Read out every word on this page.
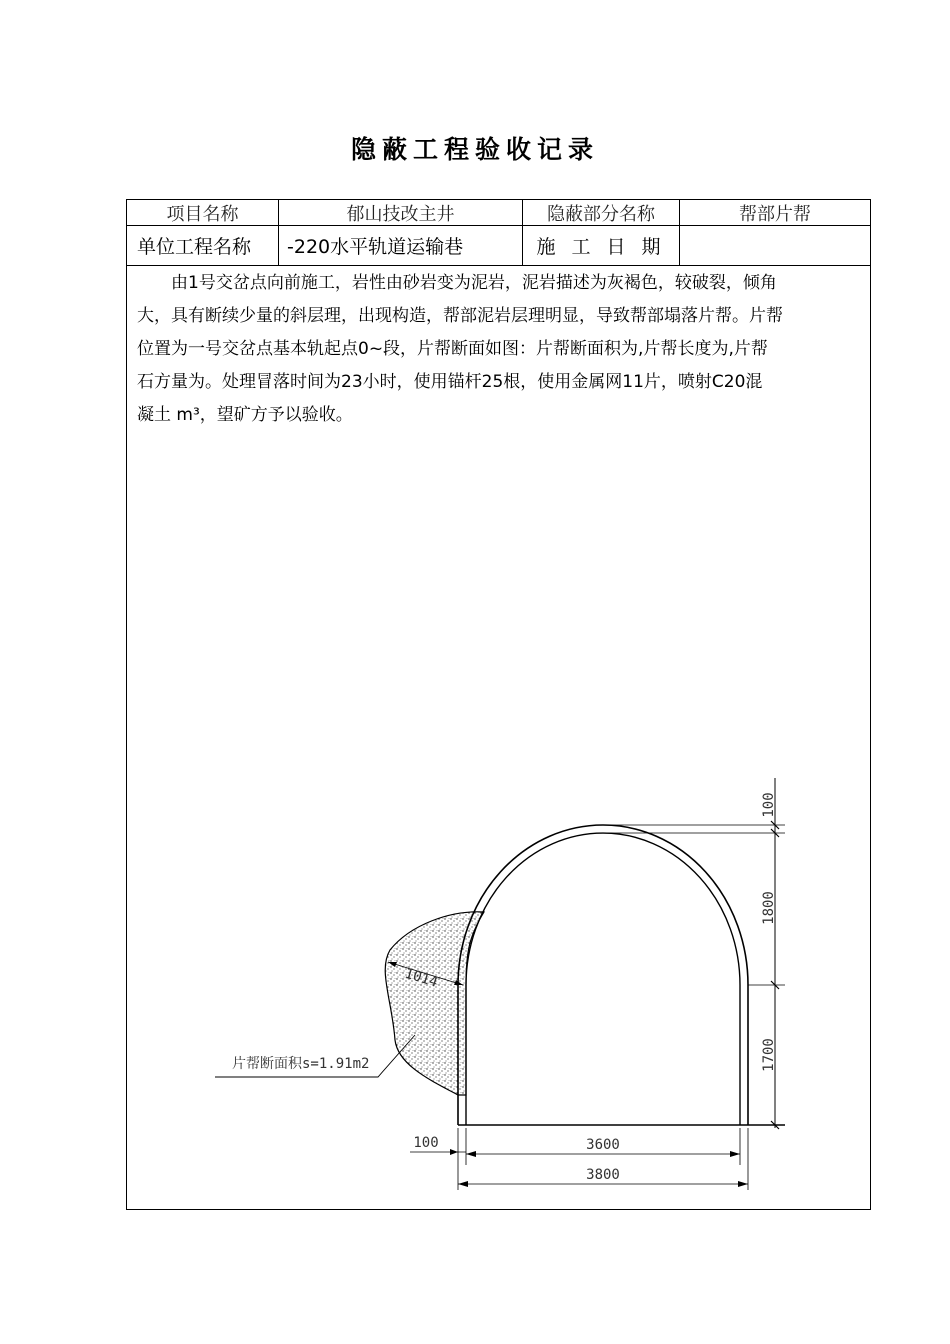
隐蔽工程验收记录
项目名称	郁山技改主井	隐蔽部分名称	帮部片帮
单位工程名称	-220水平轨道运输巷	施 工 日 期
由1号交岔点向前施工，岩性由砂岩变为泥岩，泥岩描述为灰褐色，较破裂，倾角
大，具有断续少量的斜层理，出现构造，帮部泥岩层理明显，导致帮部塌落片帮。片帮
位置为一号交岔点基本轨起点0~段，片帮断面如图：片帮断面积为,片帮长度为,片帮
石方量为。处理冒落时间为23小时，使用锚杆25根，使用金属网11片，喷射C20混
凝土 m³，望矿方予以验收。
100
1800
1700
100	3600
3800
1014
片帮断面积s=1.91m2
